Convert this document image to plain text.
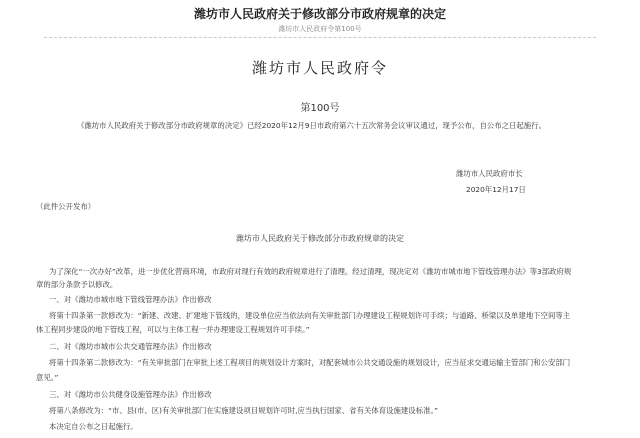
潍坊市人民政府关于修改部分市政府规章的决定
潍坊市人民政府令第100号
潍坊市人民政府令
第100号
《潍坊市人民政府关于修改部分市政府规章的决定》已经2020年12月9日市政府第六十五次常务会议审议通过，现予公布，自公布之日起施行。
潍坊市人民政府市长
2020年12月17日
（此件公开发布）
潍坊市人民政府关于修改部分市政府规章的决定
为了深化“一次办好”改革，进一步优化营商环境，市政府对现行有效的政府规章进行了清理。经过清理，现决定对《潍坊市城市地下管线管理办法》等3部政府规
章的部分条款予以修改。
一、对《潍坊市城市地下管线管理办法》作出修改
将第十四条第一款修改为：“新建、改建、扩建地下管线的，建设单位应当依法向有关审批部门办理建设工程规划许可手续；与道路、桥梁以及单建地下空间等主
体工程同步建设的地下管线工程，可以与主体工程一并办理建设工程规划许可手续。”
二、对《潍坊市城市公共交通管理办法》作出修改
将第十四条第二款修改为：“有关审批部门在审批上述工程项目的规划设计方案时，对配套城市公共交通设施的规划设计，应当征求交通运输主管部门和公安部门
意见。”
三、对《潍坊市公共健身设施管理办法》作出修改
将第八条修改为：“市、县(市、区)有关审批部门在实施建设项目规划许可时,应当执行国家、省有关体育设施建设标准。”
本决定自公布之日起施行。
